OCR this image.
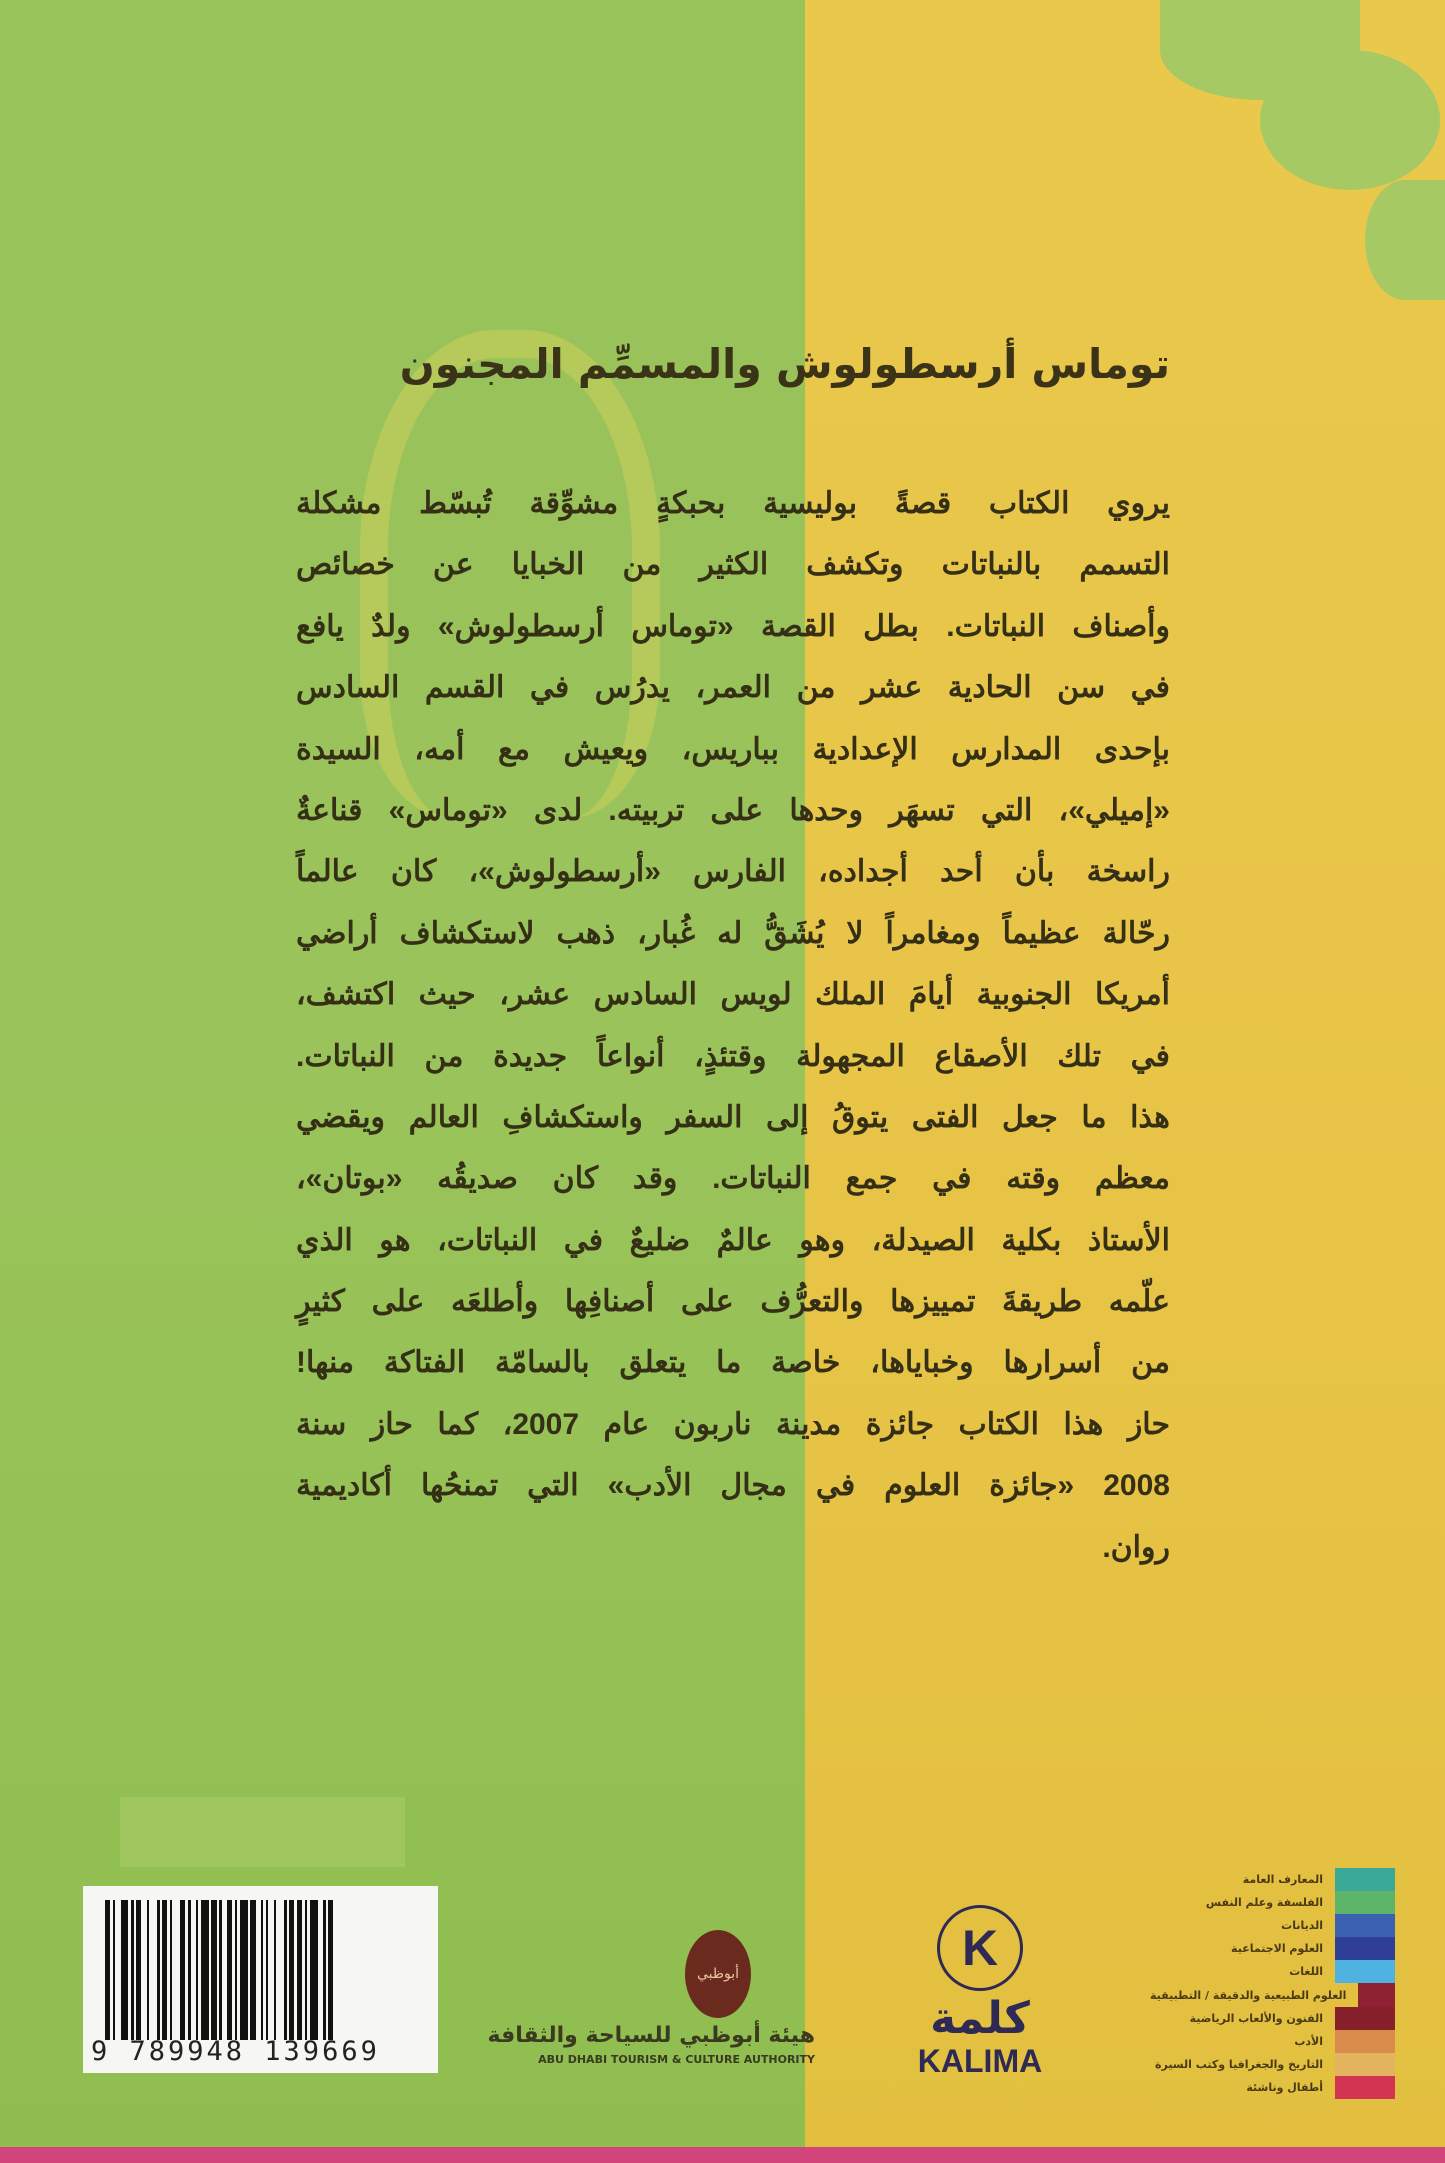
توماس أرسطولوش والمسمِّم المجنون
يروي الكتاب قصةً بوليسية بحبكةٍ مشوِّقة تُبسّط مشكلة
التسمم بالنباتات وتكشف الكثير من الخبايا عن خصائص
وأصناف النباتات. بطل القصة «توماس أرسطولوش» ولدٌ يافع
في سن الحادية عشر من العمر، يدرُس في القسم السادس
بإحدى المدارس الإعدادية بباريس، ويعيش مع أمه، السيدة
«إميلي»، التي تسهَر وحدها على تربيته. لدى «توماس» قناعةٌ
راسخة بأن أحد أجداده، الفارس «أرسطولوش»، كان عالماً
رحّالة عظيماً ومغامراً لا يُشَقُّ له غُبار، ذهب لاستكشاف أراضي
أمريكا الجنوبية أيامَ الملك لويس السادس عشر، حيث اكتشف،
في تلك الأصقاع المجهولة وقتئذٍ، أنواعاً جديدة من النباتات.
هذا ما جعل الفتى يتوقُ إلى السفر واستكشافِ العالم ويقضي
معظم وقته في جمع النباتات. وقد كان صديقُه «بوتان»،
الأستاذ بكلية الصيدلة، وهو عالمٌ ضليعٌ في النباتات، هو الذي
علّمه طريقةَ تمييزها والتعرُّف على أصنافِها وأطلعَه على كثيرٍ
من أسرارها وخباياها، خاصة ما يتعلق بالسامّة الفتاكة منها!
حاز هذا الكتاب جائزة مدينة ناربون عام 2007، كما حاز سنة
2008 «جائزة العلوم في مجال الأدب» التي تمنحُها أكاديمية
روان.
9 789948 139669
أبوظبي
هيئة أبوظبي للسياحة والثقافة
ABU DHABI TOURISM & CULTURE AUTHORITY
K
كلمة
KALIMA
المعارف العامة
الفلسفة وعلم النفس
الديانات
العلوم الاجتماعية
اللغات
العلوم الطبيعية والدقيقة / التطبيقية
الفنون والألعاب الرياضية
الأدب
التاريخ والجغرافيا وكتب السيرة
أطفال وناشئة
